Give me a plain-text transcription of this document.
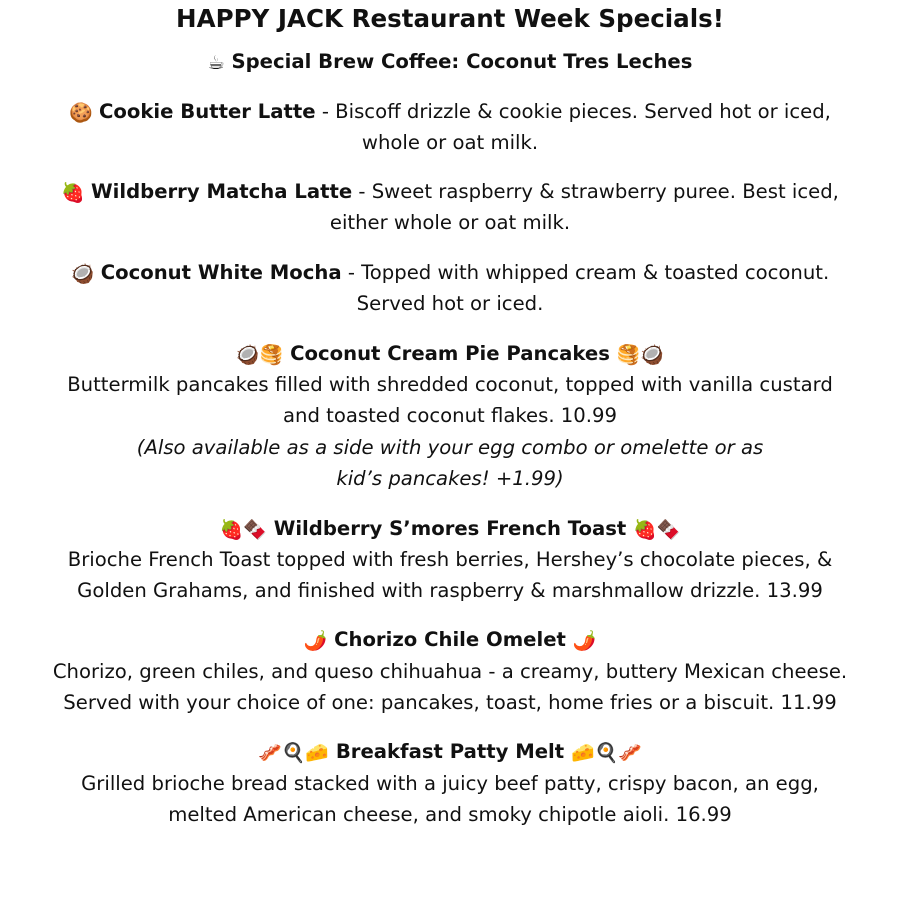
HAPPY JACK Restaurant Week Specials!
☕ Special Brew Coffee: Coconut Tres Leches
🍪 Cookie Butter Latte - Biscoff drizzle & cookie pieces. Served hot or iced,
whole or oat milk.
🍓 Wildberry Matcha Latte - Sweet raspberry & strawberry puree. Best iced,
either whole or oat milk.
🥥 Coconut White Mocha - Topped with whipped cream & toasted coconut.
Served hot or iced.
🥥🥞 Coconut Cream Pie Pancakes 🥞🥥
Buttermilk pancakes filled with shredded coconut, topped with vanilla custard
and toasted coconut flakes. 10.99
(Also available as a side with your egg combo or omelette or as
kid’s pancakes! +1.99)
🍓🍫 Wildberry S’mores French Toast 🍓🍫
Brioche French Toast topped with fresh berries, Hershey’s chocolate pieces, &
Golden Grahams, and finished with raspberry & marshmallow drizzle. 13.99
🌶️ Chorizo Chile Omelet 🌶️
Chorizo, green chiles, and queso chihuahua - a creamy, buttery Mexican cheese.
Served with your choice of one: pancakes, toast, home fries or a biscuit. 11.99
🥓🍳🧀 Breakfast Patty Melt 🧀🍳🥓
Grilled brioche bread stacked with a juicy beef patty, crispy bacon, an egg,
melted American cheese, and smoky chipotle aioli. 16.99
